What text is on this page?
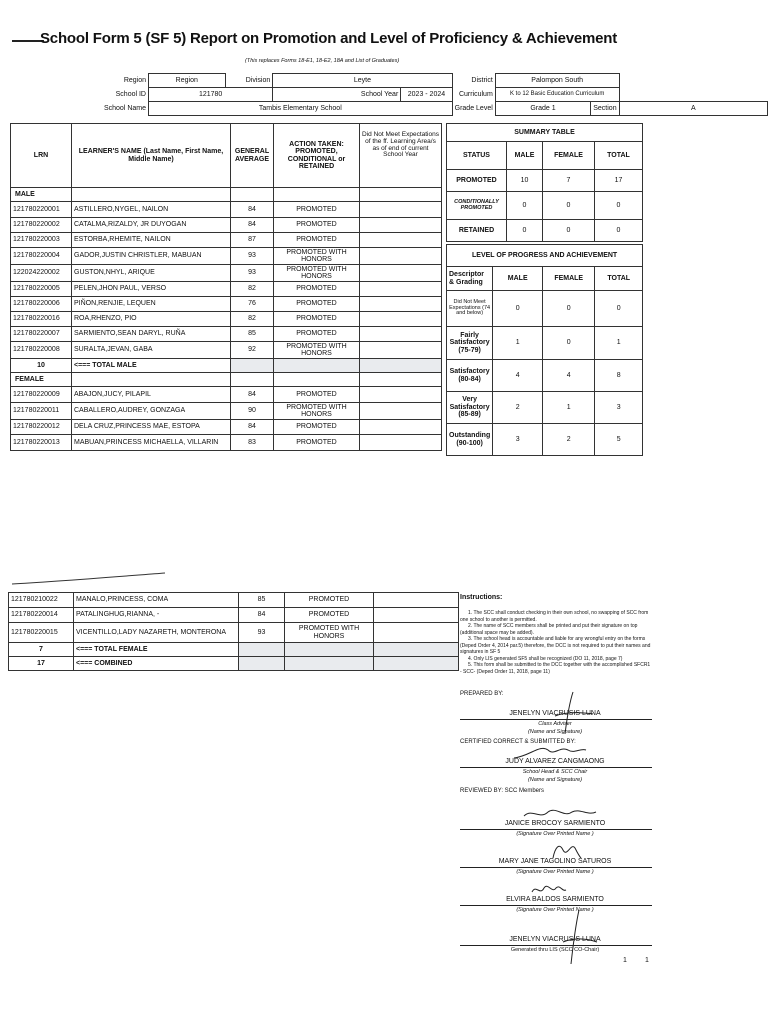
School Form 5 (SF 5) Report on Promotion and Level of Proficiency & Achievement
(This replaces Forms 18-E1, 18-E2, 18A and List of Graduates)
Region	Region	Division	Leyte		District	Palompon South		
School ID	121780		School Year	2023 - 2024	Curriculum	K to 12 Basic Education Curriculum		
School Name	Tambis Elementary School				Grade Level	Grade 1	Section	A
LRN	LEARNER'S NAME (Last Name, First Name, Middle Name)	GENERAL AVERAGE	ACTION TAKEN: PROMOTED, CONDITIONAL or RETAINED	Did Not Meet Expectations of the ff. Learning Area/s as of end of current School Year
MALE				
121780220001	ASTILLERO,NYGEL, NAILON	84	PROMOTED	
121780220002	CATALMA,RIZALDY, JR DUYOGAN	84	PROMOTED	
121780220003	ESTORBA,RHEMITE, NAILON	87	PROMOTED	
121780220004	GADOR,JUSTIN CHRISTLER, MABUAN	93	PROMOTED WITH HONORS	
122024220002	GUSTON,NHYL, ARIQUE	93	PROMOTED WITH HONORS	
121780220005	PELEN,JHON PAUL, VERSO	82	PROMOTED	
121780220006	PIÑON,RENJIE, LEQUEN	76	PROMOTED	
121780220016	ROA,RHENZO, PIO	82	PROMOTED	
121780220007	SARMIENTO,SEAN DARYL, RUÑA	85	PROMOTED	
121780220008	SURALTA,JEVAN, GABA	92	PROMOTED WITH HONORS	
10	<=== TOTAL MALE			
FEMALE				
121780220009	ABAJON,JUCY, PILAPIL	84	PROMOTED	
121780220011	CABALLERO,AUDREY, GONZAGA	90	PROMOTED WITH HONORS	
121780220012	DELA CRUZ,PRINCESS MAE, ESTOPA	84	PROMOTED	
121780220013	MABUAN,PRINCESS MICHAELLA, VILLARIN	83	PROMOTED	
SUMMARY TABLE			
STATUS	MALE	FEMALE	TOTAL
PROMOTED	10	7	17
CONDITIONALLY PROMOTED	0	0	0
RETAINED	0	0	0
LEVEL OF PROGRESS AND ACHIEVEMENT			
Descriptor & Grading	MALE	FEMALE	TOTAL
Did Not Meet Expectations (74 and below)	0	0	0
Fairly Satisfactory (75-79)	1	0	1
Satisfactory (80-84)	4	4	8
Very Satisfactory (85-89)	2	1	3
Outstanding (90-100)	3	2	5
121780210022	MANALO,PRINCESS, COMA	85	PROMOTED	
121780220014	PATALINGHUG,RIANNA, -	84	PROMOTED	
121780220015	VICENTILLO,LADY NAZARETH, MONTERONA	93	PROMOTED WITH HONORS	
7	<=== TOTAL FEMALE			
17	<=== COMBINED			
Instructions:

1. The SCC shall conduct checking in their own school, no swapping of SCC from one school to another is permitted.

2. The name of SCC members shall be printed and put their signature on top (additional space may be added).

3. The school head is accountable and liable for any wrongful entry on the forms (Deped Order 4, 2014 par.5) therefore, the DCC is not required to put their names and signatures in SF 5

4. Only LIS generated SF5 shall be recognized (DO 11, 2018, page 7)

5. This form shall be submitted to the DCC together with the accomplished SFCR1 - SCC- (Deped Order 11, 2018, page 11)

PREPARED BY:
JENELYN VIACRUSIS LUNA
Class Adviser
(Name and Signature)
CERTIFIED CORRECT & SUBMITTED BY:
JUDY ALVAREZ CANGMAONG
School Head & SCC Chair
(Name and Signature)
REVIEWED BY: SCC Members
JANICE BROCOY SARMIENTO
(Signature Over Printed Name )
MARY JANE TAGOLINO SATUROS
(Signature Over Printed Name )
ELVIRA BALDOS SARMIENTO
(Signature Over Printed Name )
JENELYN VIACRUSIS LUNA
Generated thru LIS (SCC CO-Chair)
1	1
